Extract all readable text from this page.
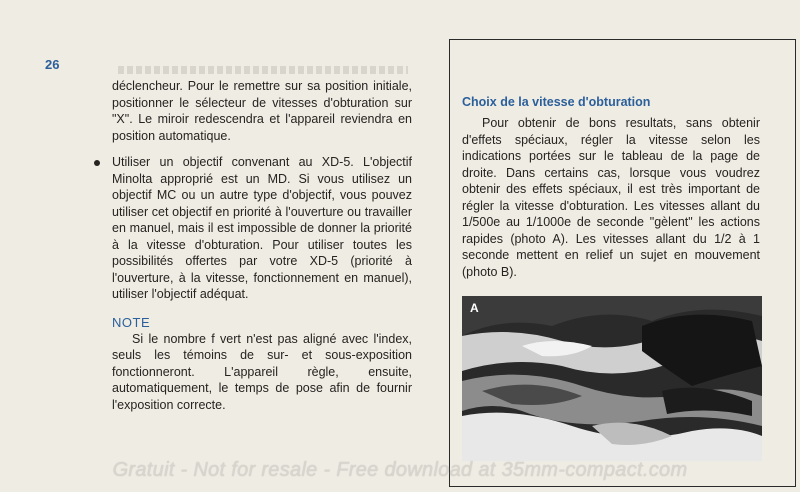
26

déclencheur. Pour le remettre sur sa position initiale, positionner le sélecteur de vitesses d'obturation sur "X". Le miroir redescendra et l'appareil reviendra en position automatique.

Utiliser un objectif convenant au XD-5. L'objectif Minolta approprié est un MD. Si vous utilisez un objectif MC ou un autre type d'objectif, vous pouvez utiliser cet objectif en priorité à l'ouverture ou travailler en manuel, mais il est impossible de donner la priorité à la vitesse d'obturation. Pour utiliser toutes les possibilités offertes par votre XD-5 (priorité à l'ouverture, à la vitesse, fonctionnement en manuel), utiliser l'objectif adéquat.

NOTE

Si le nombre f vert n'est pas aligné avec l'index, seuls les témoins de sur- et sous-exposition fonctionneront. L'appareil règle, ensuite, automatiquement, le temps de pose afin de fournir l'exposition correcte.

Choix de la vitesse d'obturation

Pour obtenir de bons resultats, sans obtenir d'effets spéciaux, régler la vitesse selon les indications portées sur le tableau de la page de droite. Dans certains cas, lorsque vous voudrez obtenir des effets spéciaux, il est très important de régler la vitesse d'obturation. Les vitesses allant du 1/500e au 1/1000e de seconde "gèlent" les actions rapides (photo A). Les vitesses allant du 1/2 à 1 seconde mettent en relief un sujet en mouvement (photo B).

A
Gratuit - Not for resale - Free download at 35mm-compact.com
